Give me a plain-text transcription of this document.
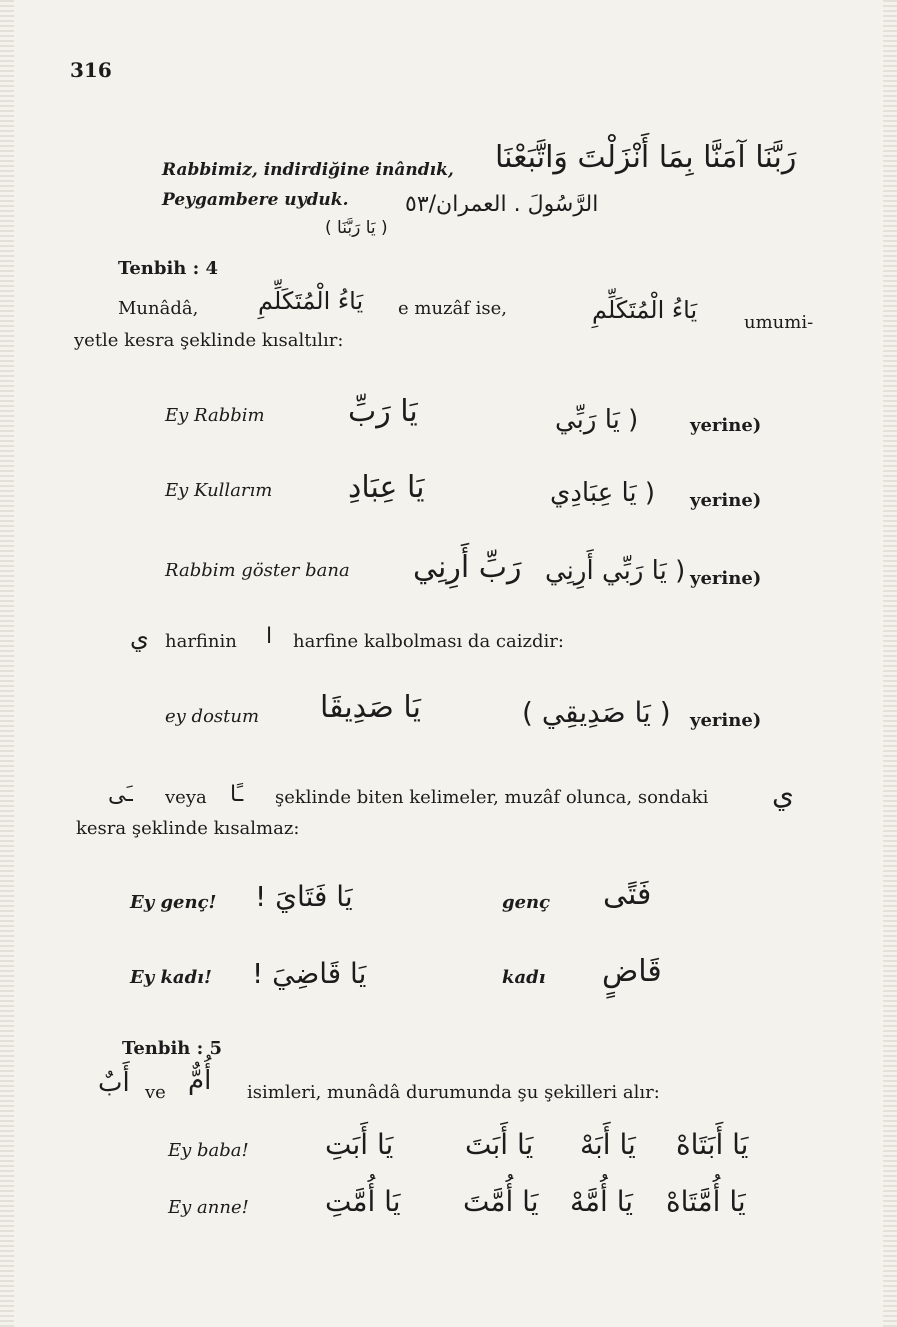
316
Rabbimiz, indirdiğine inândık,
Peygambere uyduk.
رَبَّنَا آمَنَّا بِمَا أَنْزَلْتَ وَاتَّبَعْنَا
الرَّسُولَ . العمران/٥٣
( يَا رَبَّنَا )
Tenbih : 4
Munâdâ, يَاءُ الْمُتَكَلِّمِ e muzâf ise,	يَاءُ الْمُتَكَلِّمِ	umumi-
yetle kesra şeklinde kısaltılır:
Ey Rabbim	يَا رَبِّ	( يَا رَبِّي	yerine)
Ey Kullarım	يَا عِبَادِ	( يَا عِبَادِي yerine)
Rabbim göster bana رَبِّ أَرِنِي ( يَا رَبِّي أَرِنِي yerine)
ي harfinin ا harfine kalbolması da caizdir:
ey dostum يَا صَدِيقَا	( يَا صَدِيقِي ) yerine)
ـَى veya ـًا şeklinde biten kelimeler, muzâf olunca, sondaki ي
kesra şeklinde kısalmaz:
Ey genç! يَا فَتَايَ !	genç فَتًى
Ey kadı! يَا قَاضِيَ !	kadı قَاضٍ
Tenbih : 5
أَبٌ ve أُمٌّ isimleri, munâdâ durumunda şu şekilleri alır:
Ey baba!	يَا أَبَتِ	يَا أَبَتَ يَا أَبَهْ يَا أَبَتَاهْ
Ey anne!	يَا أُمَّتِ يَا أُمَّتَ يَا أُمَّهْ يَا أُمَّتَاهْ
